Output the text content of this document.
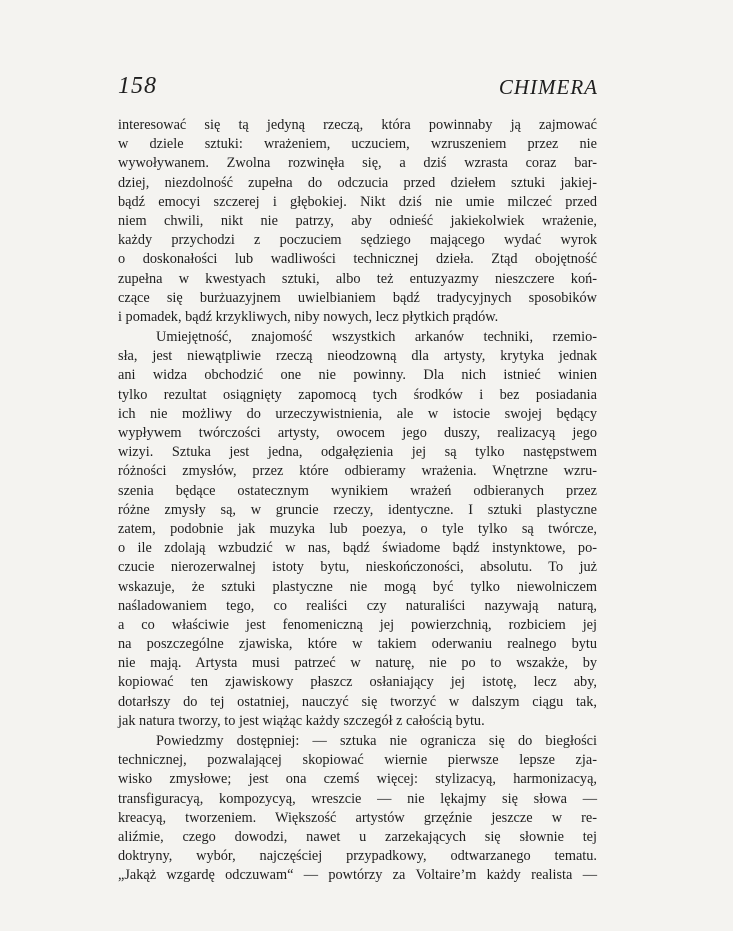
158	CHIMERA
interesować się tą jedyną rzeczą, która powinnaby ją zajmować
w dziele sztuki: wrażeniem, uczuciem, wzruszeniem przez nie
wywoływanem. Zwolna rozwinęła się, a dziś wzrasta coraz bar-
dziej, niezdolność zupełna do odczucia przed dziełem sztuki jakiej-
bądź emocyi szczerej i głębokiej. Nikt dziś nie umie milczeć przed
niem chwili, nikt nie patrzy, aby odnieść jakiekolwiek wrażenie,
każdy przychodzi z poczuciem sędziego mającego wydać wyrok
o doskonałości lub wadliwości technicznej dzieła. Ztąd obojętność
zupełna w kwestyach sztuki, albo też entuzyazmy nieszczere koń-
czące się burżuazyjnem uwielbianiem bądź tradycyjnych sposobików
i pomadek, bądź krzykliwych, niby nowych, lecz płytkich prądów.
Umiejętność, znajomość wszystkich arkanów techniki, rzemio-
sła, jest niewątpliwie rzeczą nieodzowną dla artysty, krytyka jednak
ani widza obchodzić one nie powinny. Dla nich istnieć winien
tylko rezultat osiągnięty zapomocą tych środków i bez posiadania
ich nie możliwy do urzeczywistnienia, ale w istocie swojej będący
wypływem twórczości artysty, owocem jego duszy, realizacyą jego
wizyi. Sztuka jest jedna, odgałęzienia jej są tylko następstwem
różności zmysłów, przez które odbieramy wrażenia. Wnętrzne wzru-
szenia będące ostatecznym wynikiem wrażeń odbieranych przez
różne zmysły są, w gruncie rzeczy, identyczne. I sztuki plastyczne
zatem, podobnie jak muzyka lub poezya, o tyle tylko są twórcze,
o ile zdolają wzbudzić w nas, bądź świadome bądź instynktowe, po-
czucie nierozerwalnej istoty bytu, nieskończoności, absolutu. To już
wskazuje, że sztuki plastyczne nie mogą być tylko niewolniczem
naśladowaniem tego, co realiści czy naturaliści nazywają naturą,
a co właściwie jest fenomeniczną jej powierzchnią, rozbiciem jej
na poszczególne zjawiska, które w takiem oderwaniu realnego bytu
nie mają. Artysta musi patrzeć w naturę, nie po to wszakże, by
kopiować ten zjawiskowy płaszcz osłaniający jej istotę, lecz aby,
dotarłszy do tej ostatniej, nauczyć się tworzyć w dalszym ciągu tak,
jak natura tworzy, to jest wiążąc każdy szczegół z całością bytu.
Powiedzmy dostępniej: — sztuka nie ogranicza się do biegłości
technicznej, pozwalającej skopiować wiernie pierwsze lepsze zja-
wisko zmysłowe; jest ona czemś więcej: stylizacyą, harmonizacyą,
transfiguracyą, kompozycyą, wreszcie — nie lękajmy się słowa —
kreacyą, tworzeniem. Większość artystów grzęźnie jeszcze w re-
aliźmie, czego dowodzi, nawet u zarzekających się słownie tej
doktryny, wybór, najczęściej przypadkowy, odtwarzanego tematu.
„Jakąż wzgardę odczuwam“ — powtórzy za Voltaire’m każdy realista —
